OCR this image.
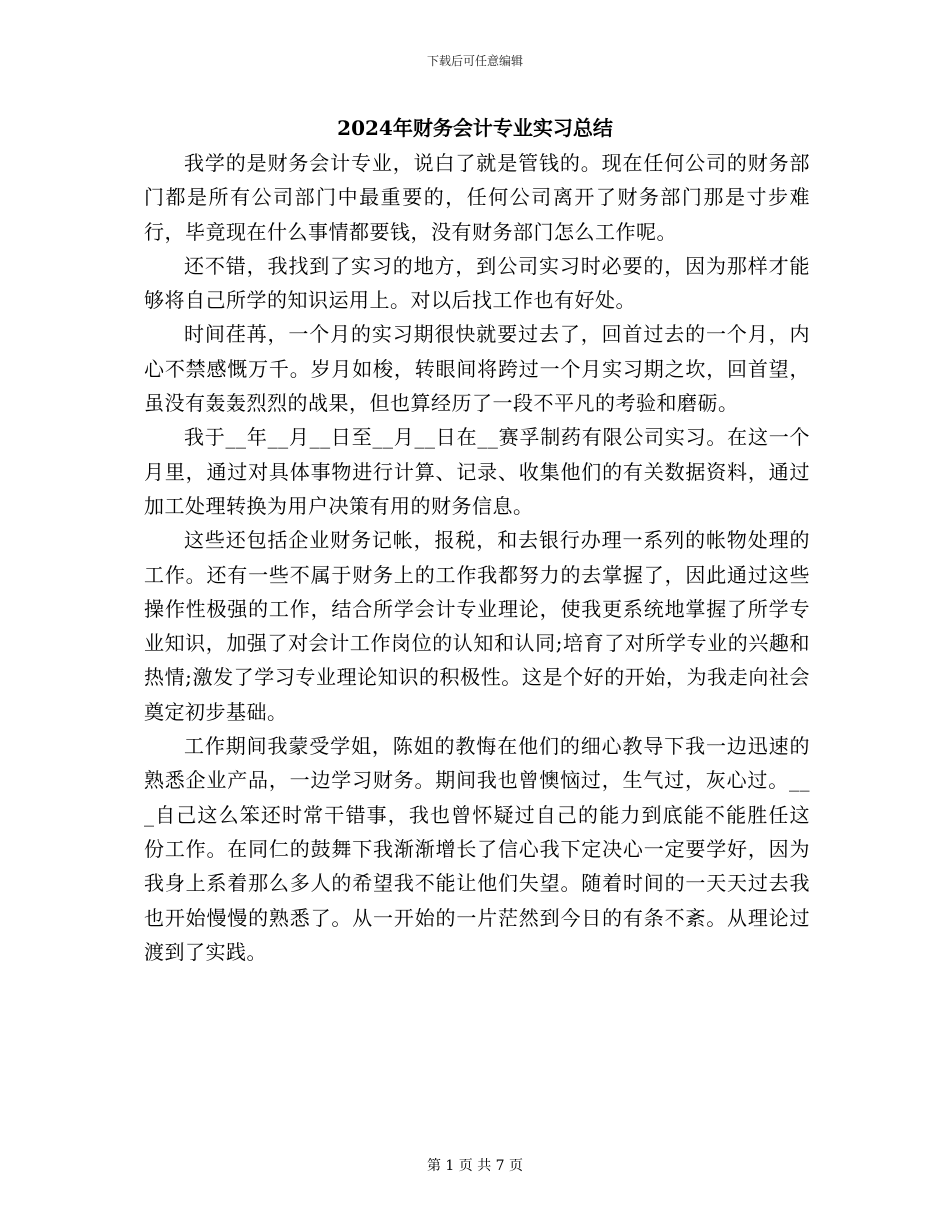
下载后可任意编辑
2024年财务会计专业实习总结

我学的是财务会计专业，说白了就是管钱的。现在任何公司的财务部门都是所有公司部门中最重要的，任何公司离开了财务部门那是寸步难行，毕竟现在什么事情都要钱，没有财务部门怎么工作呢。

还不错，我找到了实习的地方，到公司实习时必要的，因为那样才能够将自己所学的知识运用上。对以后找工作也有好处。

时间荏苒，一个月的实习期很快就要过去了，回首过去的一个月，内心不禁感慨万千。岁月如梭，转眼间将跨过一个月实习期之坎，回首望，虽没有轰轰烈烈的战果，但也算经历了一段不平凡的考验和磨砺。

我于__年__月__日至__月__日在__赛孚制药有限公司实习。在这一个月里，通过对具体事物进行计算、记录、收集他们的有关数据资料，通过加工处理转换为用户决策有用的财务信息。

这些还包括企业财务记帐，报税，和去银行办理一系列的帐物处理的工作。还有一些不属于财务上的工作我都努力的去掌握了，因此通过这些操作性极强的工作，结合所学会计专业理论，使我更系统地掌握了所学专业知识，加强了对会计工作岗位的认知和认同;培育了对所学专业的兴趣和热情;激发了学习专业理论知识的积极性。这是个好的开始，为我走向社会奠定初步基础。

工作期间我蒙受学姐，陈姐的教悔在他们的细心教导下我一边迅速的熟悉企业产品，一边学习财务。期间我也曾懊恼过，生气过，灰心过。___自己这么笨还时常干错事，我也曾怀疑过自己的能力到底能不能胜任这份工作。在同仁的鼓舞下我渐渐增长了信心我下定决心一定要学好，因为我身上系着那么多人的希望我不能让他们失望。随着时间的一天天过去我也开始慢慢的熟悉了。从一开始的一片茫然到今日的有条不紊。从理论过渡到了实践。

第 1 页 共 7 页
